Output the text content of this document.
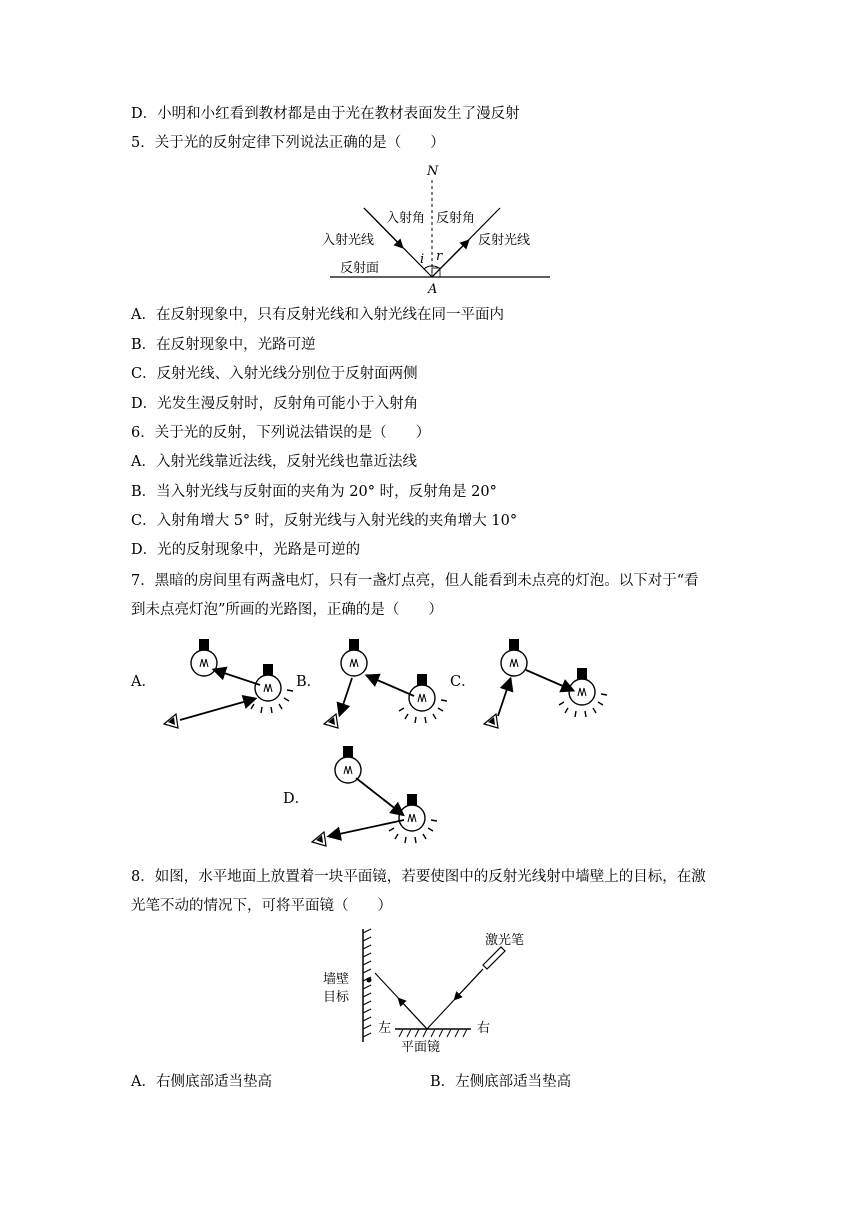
D．小明和小红看到教材都是由于光在教材表面发生了漫反射
5．关于光的反射定律下列说法正确的是（　　）
N
入射角 反射角
入射光线	反射光线
反射面
i r
A
A．在反射现象中，只有反射光线和入射光线在同一平面内
B．在反射现象中，光路可逆
C．反射光线、入射光线分别位于反射面两侧
D．光发生漫反射时，反射角可能小于入射角
6．关于光的反射，下列说法错误的是（　　）
A．入射光线靠近法线，反射光线也靠近法线
B．当入射光线与反射面的夹角为 20° 时，反射角是 20°
C．入射角增大 5° 时，反射光线与入射光线的夹角增大 10°
D．光的反射现象中，光路是可逆的
7．黑暗的房间里有两盏电灯，只有一盏灯点亮，但人能看到未点亮的灯泡。以下对于“看
到未点亮灯泡”所画的光路图，正确的是（　　）
A．	B．	C．
D．
8．如图，水平地面上放置着一块平面镜，若要使图中的反射光线射中墙壁上的目标，在激
光笔不动的情况下，可将平面镜（　　）
激光笔
墙壁
目标
左	右
平面镜
A．右侧底部适当垫高	B．左侧底部适当垫高
